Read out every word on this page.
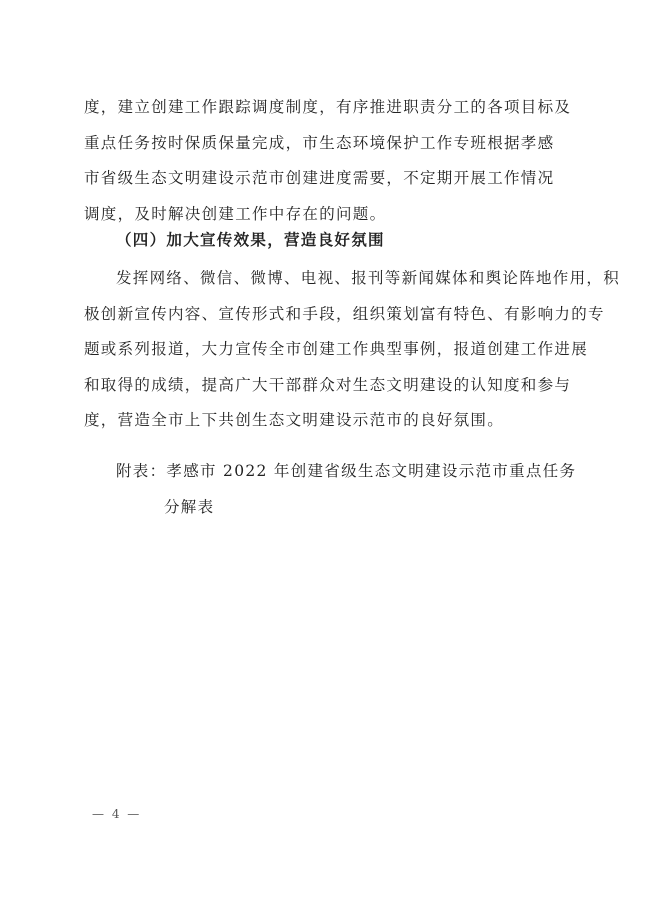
度，建立创建工作跟踪调度制度，有序推进职责分工的各项目标及
重点任务按时保质保量完成，市生态环境保护工作专班根据孝感
市省级生态文明建设示范市创建进度需要，不定期开展工作情况
调度，及时解决创建工作中存在的问题。

（四）加大宣传效果，营造良好氛围

发挥网络、微信、微博、电视、报刊等新闻媒体和舆论阵地作用，积
极创新宣传内容、宣传形式和手段，组织策划富有特色、有影响力的专
题或系列报道，大力宣传全市创建工作典型事例，报道创建工作进展
和取得的成绩，提高广大干部群众对生态文明建设的认知度和参与
度，营造全市上下共创生态文明建设示范市的良好氛围。
附表：孝感市 2022 年创建省级生态文明建设示范市重点任务
分解表
— 4 —
